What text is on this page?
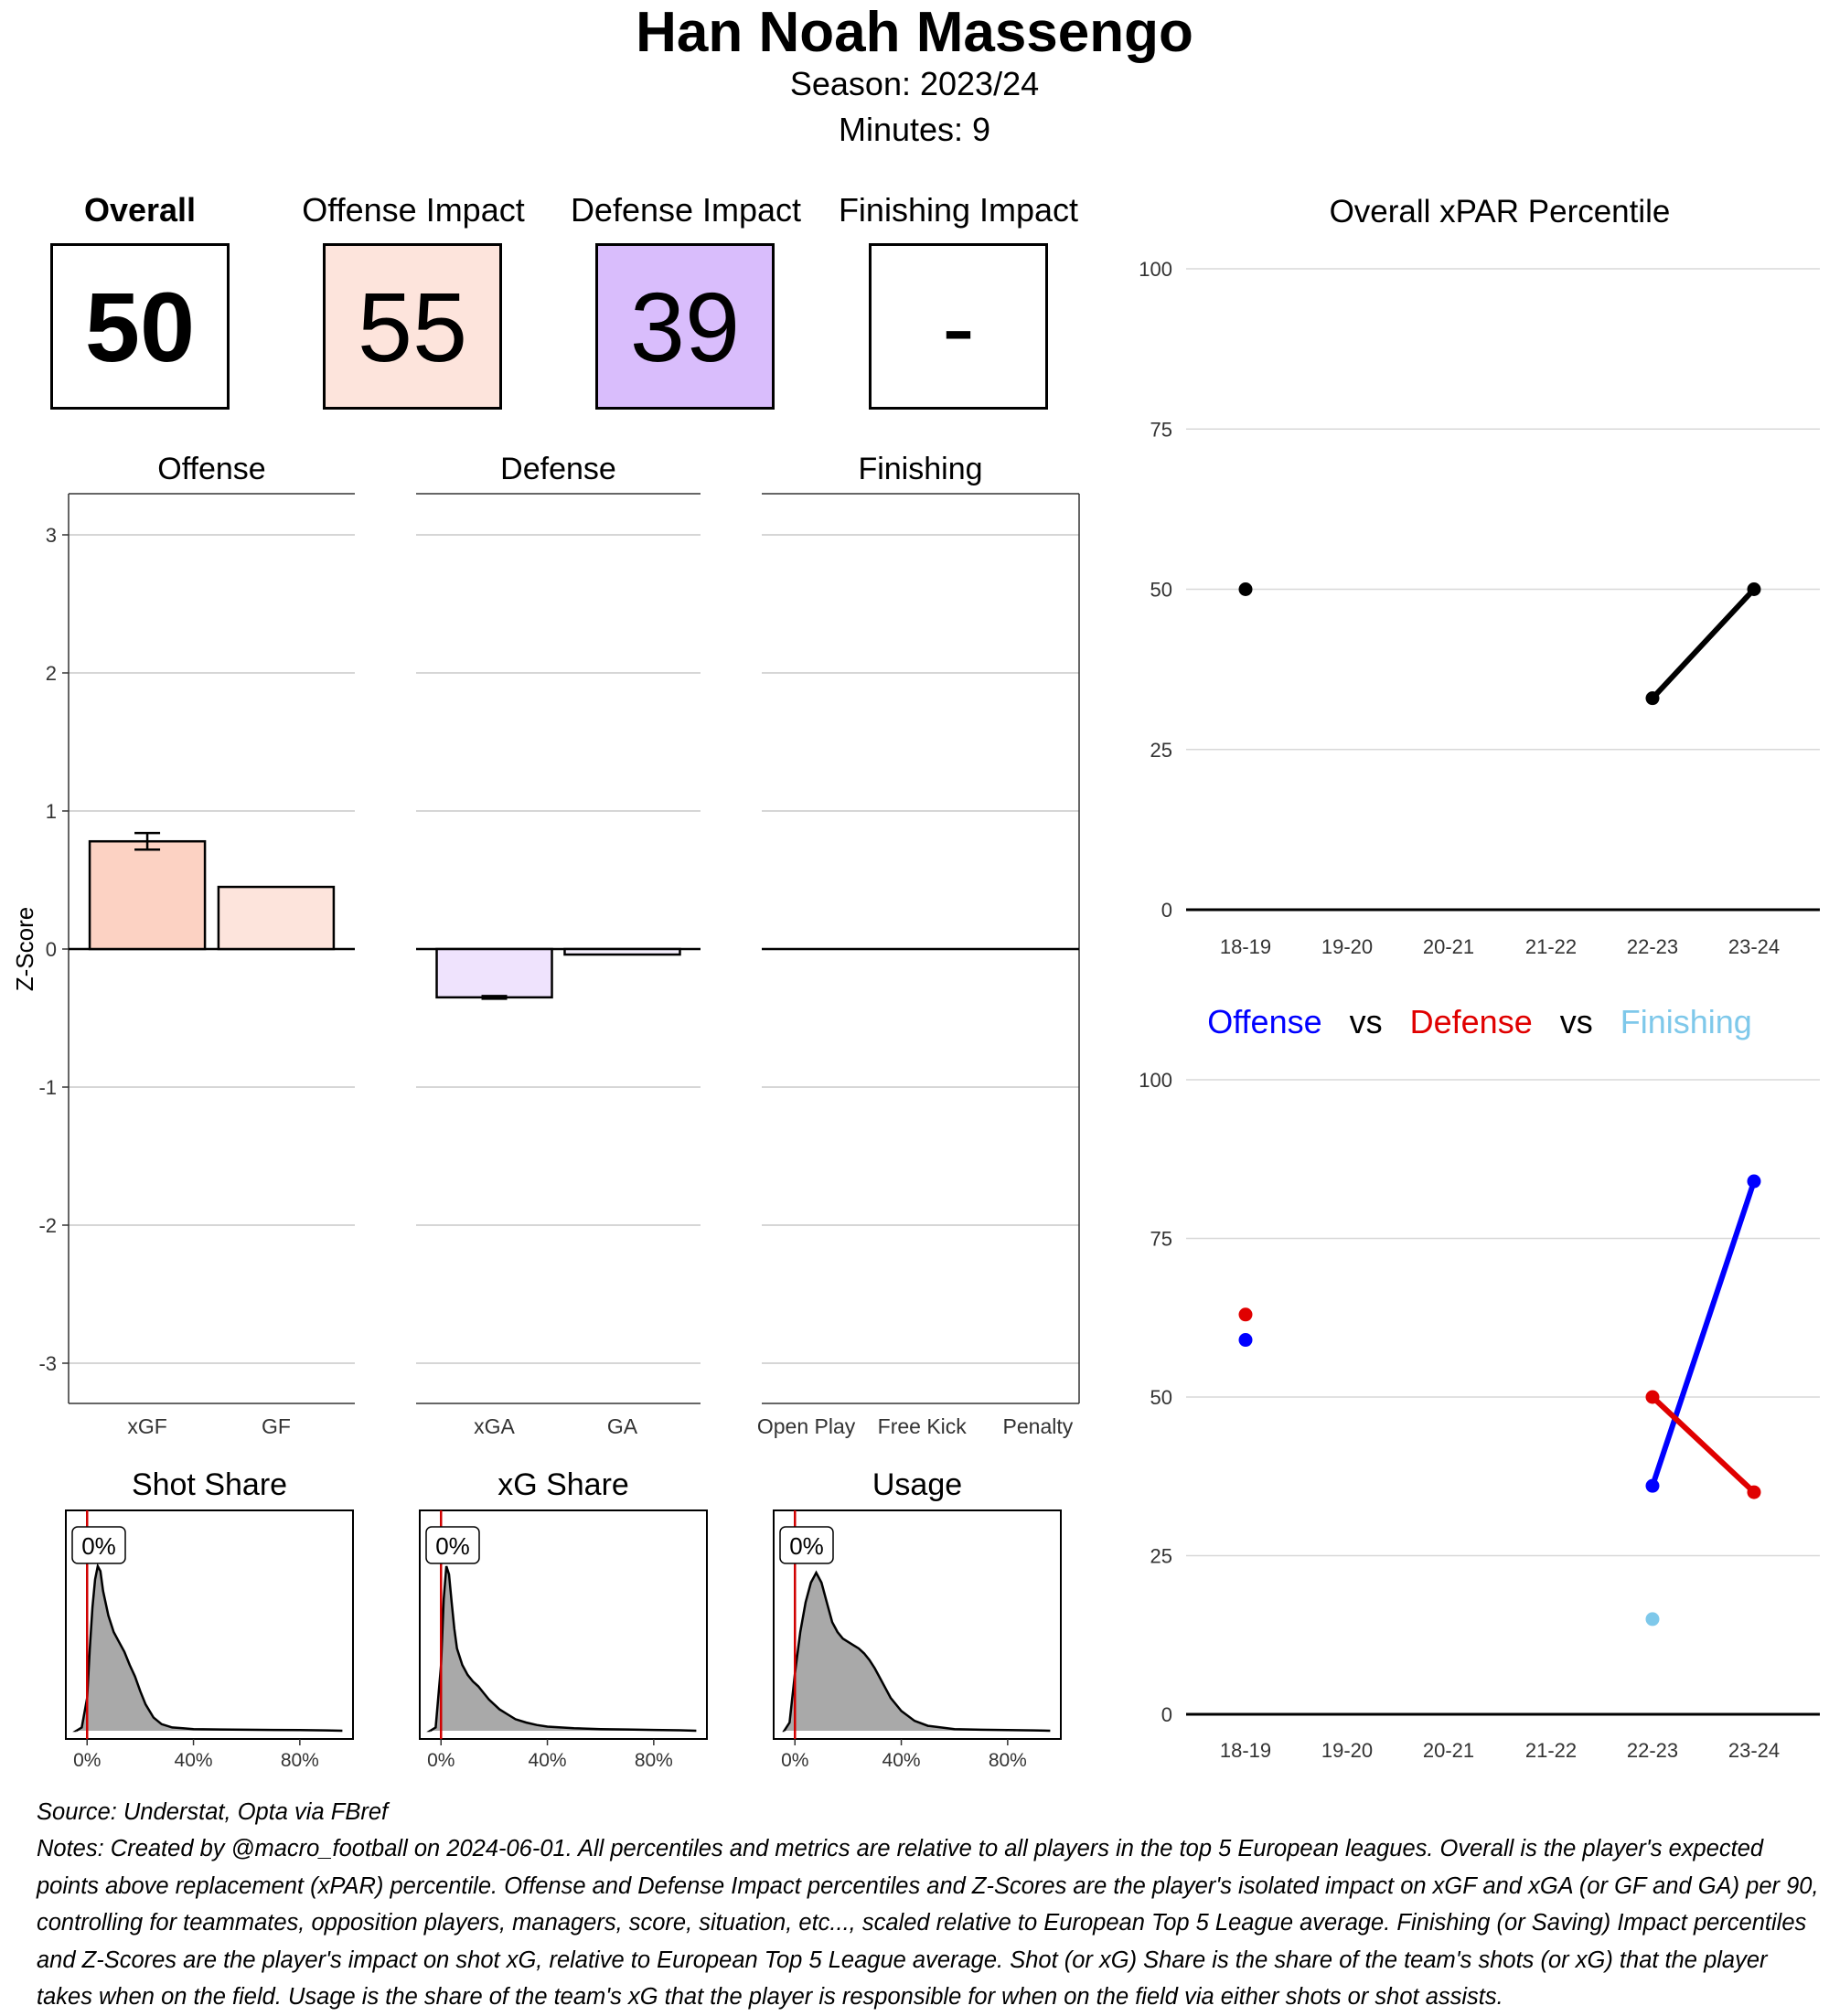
Han Noah Massengo
Season: 2023/24
Minutes: 9
Overall
50
Offense Impact
55
Defense Impact
39
Finishing Impact
-
Offense
xGF	GF
Defense
xGA	GA
Finishing
Open Play Free Kick Penalty
3
2
1
0
-1
-2
-3
Z-Score
Shot Share
0%
0%	40%	80%
xG Share
0%
0%	40%	80%
Usage
0%
0%	40%	80%
100
75
50
25
0
18-19 19-20 20-21	21-22 22-23 23-24
100
75
50
25
0
18-19 19-20 20-21	21-22 22-23 23-24
Overall xPAR Percentile
Offense   vs   Defense   vs   Finishing
Source: Understat, Opta via FBref
Notes: Created by @macro_football on 2024-06-01. All percentiles and metrics are relative to all players in the top 5 European leagues. Overall is the player's expected points above replacement (xPAR) percentile. Offense and Defense Impact percentiles and Z-Scores are the player's isolated impact on xGF and xGA (or GF and GA) per 90, controlling for teammates, opposition players, managers, score, situation, etc..., scaled relative to European Top 5 League average. Finishing (or Saving) Impact percentiles and Z-Scores are the player's impact on shot xG, relative to European Top 5 League average. Shot (or xG) Share is the share of the team's shots (or xG) that the player takes when on the field. Usage is the share of the team's xG that the player is responsible for when on the field via either shots or shot assists.
